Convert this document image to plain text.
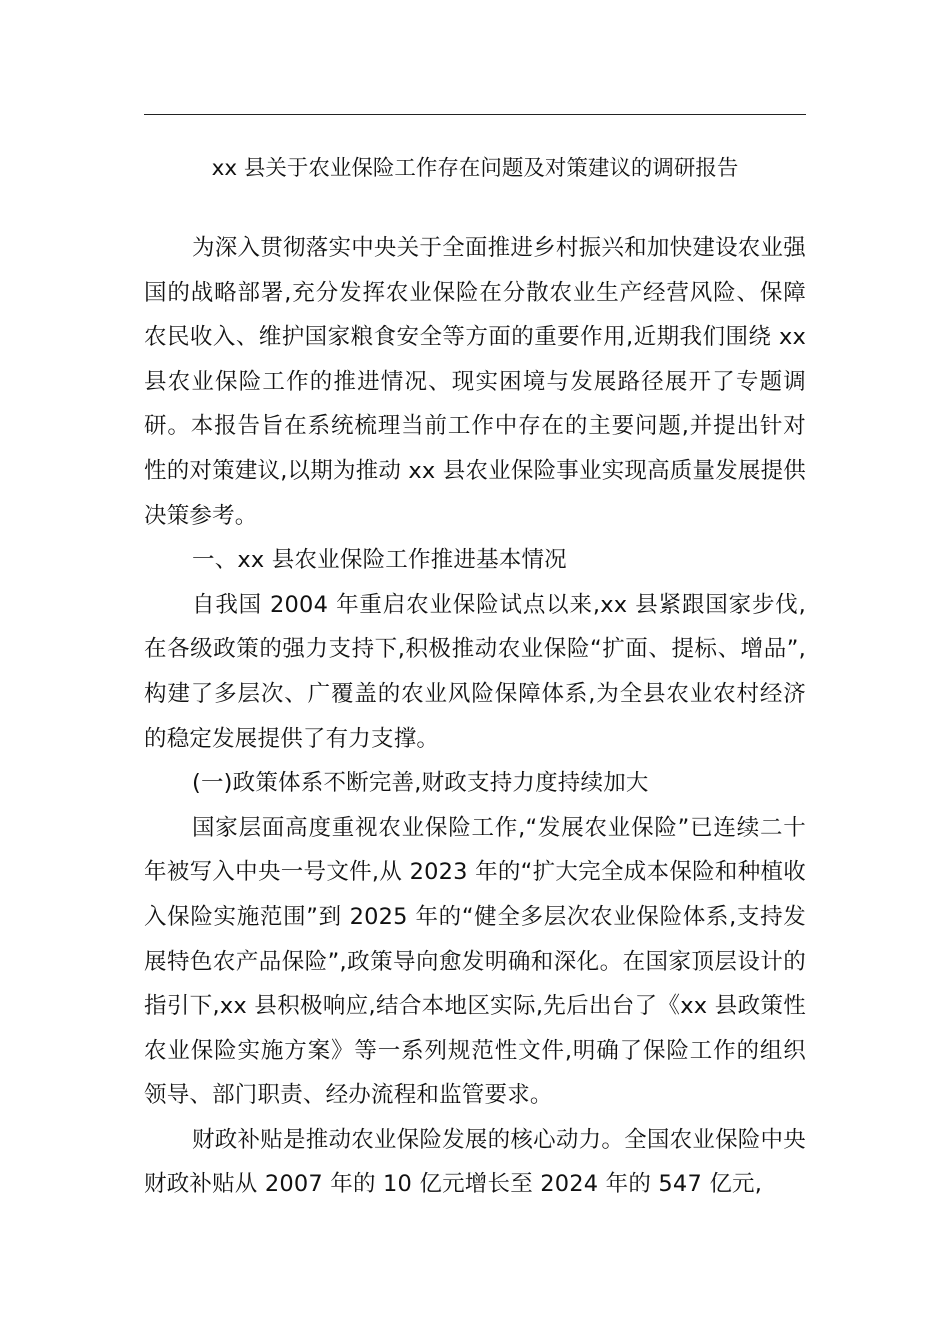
xx 县关于农业保险工作存在问题及对策建议的调研报告

为深入贯彻落实中央关于全面推进乡村振兴和加快建设农业强国的战略部署,充分发挥农业保险在分散农业生产经营风险、保障农民收入、维护国家粮食安全等方面的重要作用,近期我们围绕 xx 县农业保险工作的推进情况、现实困境与发展路径展开了专题调研。本报告旨在系统梳理当前工作中存在的主要问题,并提出针对性的对策建议,以期为推动 xx 县农业保险事业实现高质量发展提供决策参考。

一、xx 县农业保险工作推进基本情况

自我国 2004 年重启农业保险试点以来,xx 县紧跟国家步伐,在各级政策的强力支持下,积极推动农业保险“扩面、提标、增品”,构建了多层次、广覆盖的农业风险保障体系,为全县农业农村经济的稳定发展提供了有力支撑。

(一)政策体系不断完善,财政支持力度持续加大

国家层面高度重视农业保险工作,“发展农业保险”已连续二十年被写入中央一号文件,从 2023 年的“扩大完全成本保险和种植收入保险实施范围”到 2025 年的“健全多层次农业保险体系,支持发展特色农产品保险”,政策导向愈发明确和深化。在国家顶层设计的指引下,xx 县积极响应,结合本地区实际,先后出台了《xx 县政策性农业保险实施方案》等一系列规范性文件,明确了保险工作的组织领导、部门职责、经办流程和监管要求。

财政补贴是推动农业保险发展的核心动力。全国农业保险中央财政补贴从 2007 年的 10 亿元增长至 2024 年的 547 亿元,
